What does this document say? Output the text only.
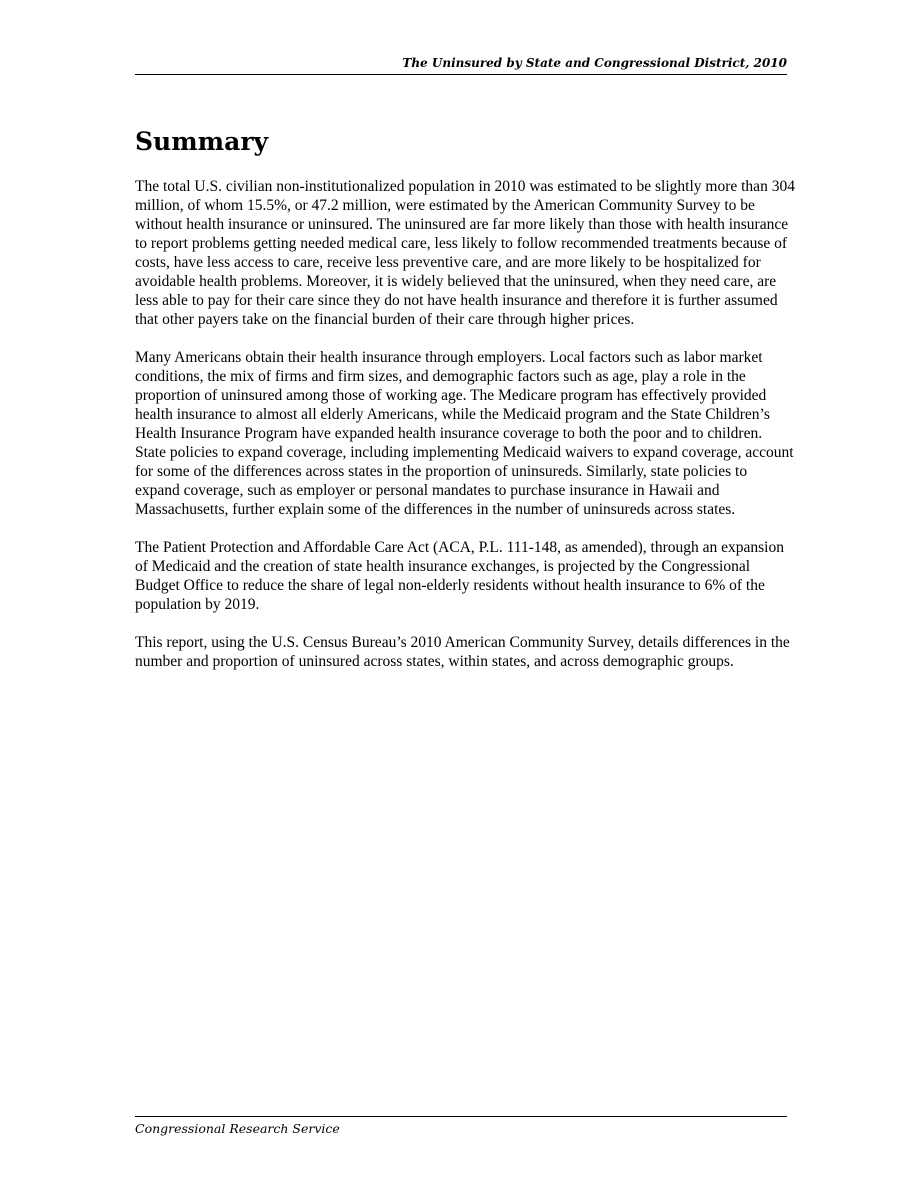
The Uninsured by State and Congressional District, 2010
Summary

The total U.S. civilian non-institutionalized population in 2010 was estimated to be slightly more than 304 million, of whom 15.5%, or 47.2 million, were estimated by the American Community Survey to be without health insurance or uninsured. The uninsured are far more likely than those with health insurance to report problems getting needed medical care, less likely to follow recommended treatments because of costs, have less access to care, receive less preventive care, and are more likely to be hospitalized for avoidable health problems. Moreover, it is widely believed that the uninsured, when they need care, are less able to pay for their care since they do not have health insurance and therefore it is further assumed that other payers take on the financial burden of their care through higher prices.

Many Americans obtain their health insurance through employers. Local factors such as labor market conditions, the mix of firms and firm sizes, and demographic factors such as age, play a role in the proportion of uninsured among those of working age. The Medicare program has effectively provided health insurance to almost all elderly Americans, while the Medicaid program and the State Children’s Health Insurance Program have expanded health insurance coverage to both the poor and to children. State policies to expand coverage, including implementing Medicaid waivers to expand coverage, account for some of the differences across states in the proportion of uninsureds. Similarly, state policies to expand coverage, such as employer or personal mandates to purchase insurance in Hawaii and Massachusetts, further explain some of the differences in the number of uninsureds across states.

The Patient Protection and Affordable Care Act (ACA, P.L. 111-148, as amended), through an expansion of Medicaid and the creation of state health insurance exchanges, is projected by the Congressional Budget Office to reduce the share of legal non-elderly residents without health insurance to 6% of the population by 2019.

This report, using the U.S. Census Bureau’s 2010 American Community Survey, details differences in the number and proportion of uninsured across states, within states, and across demographic groups.

Congressional Research Service
